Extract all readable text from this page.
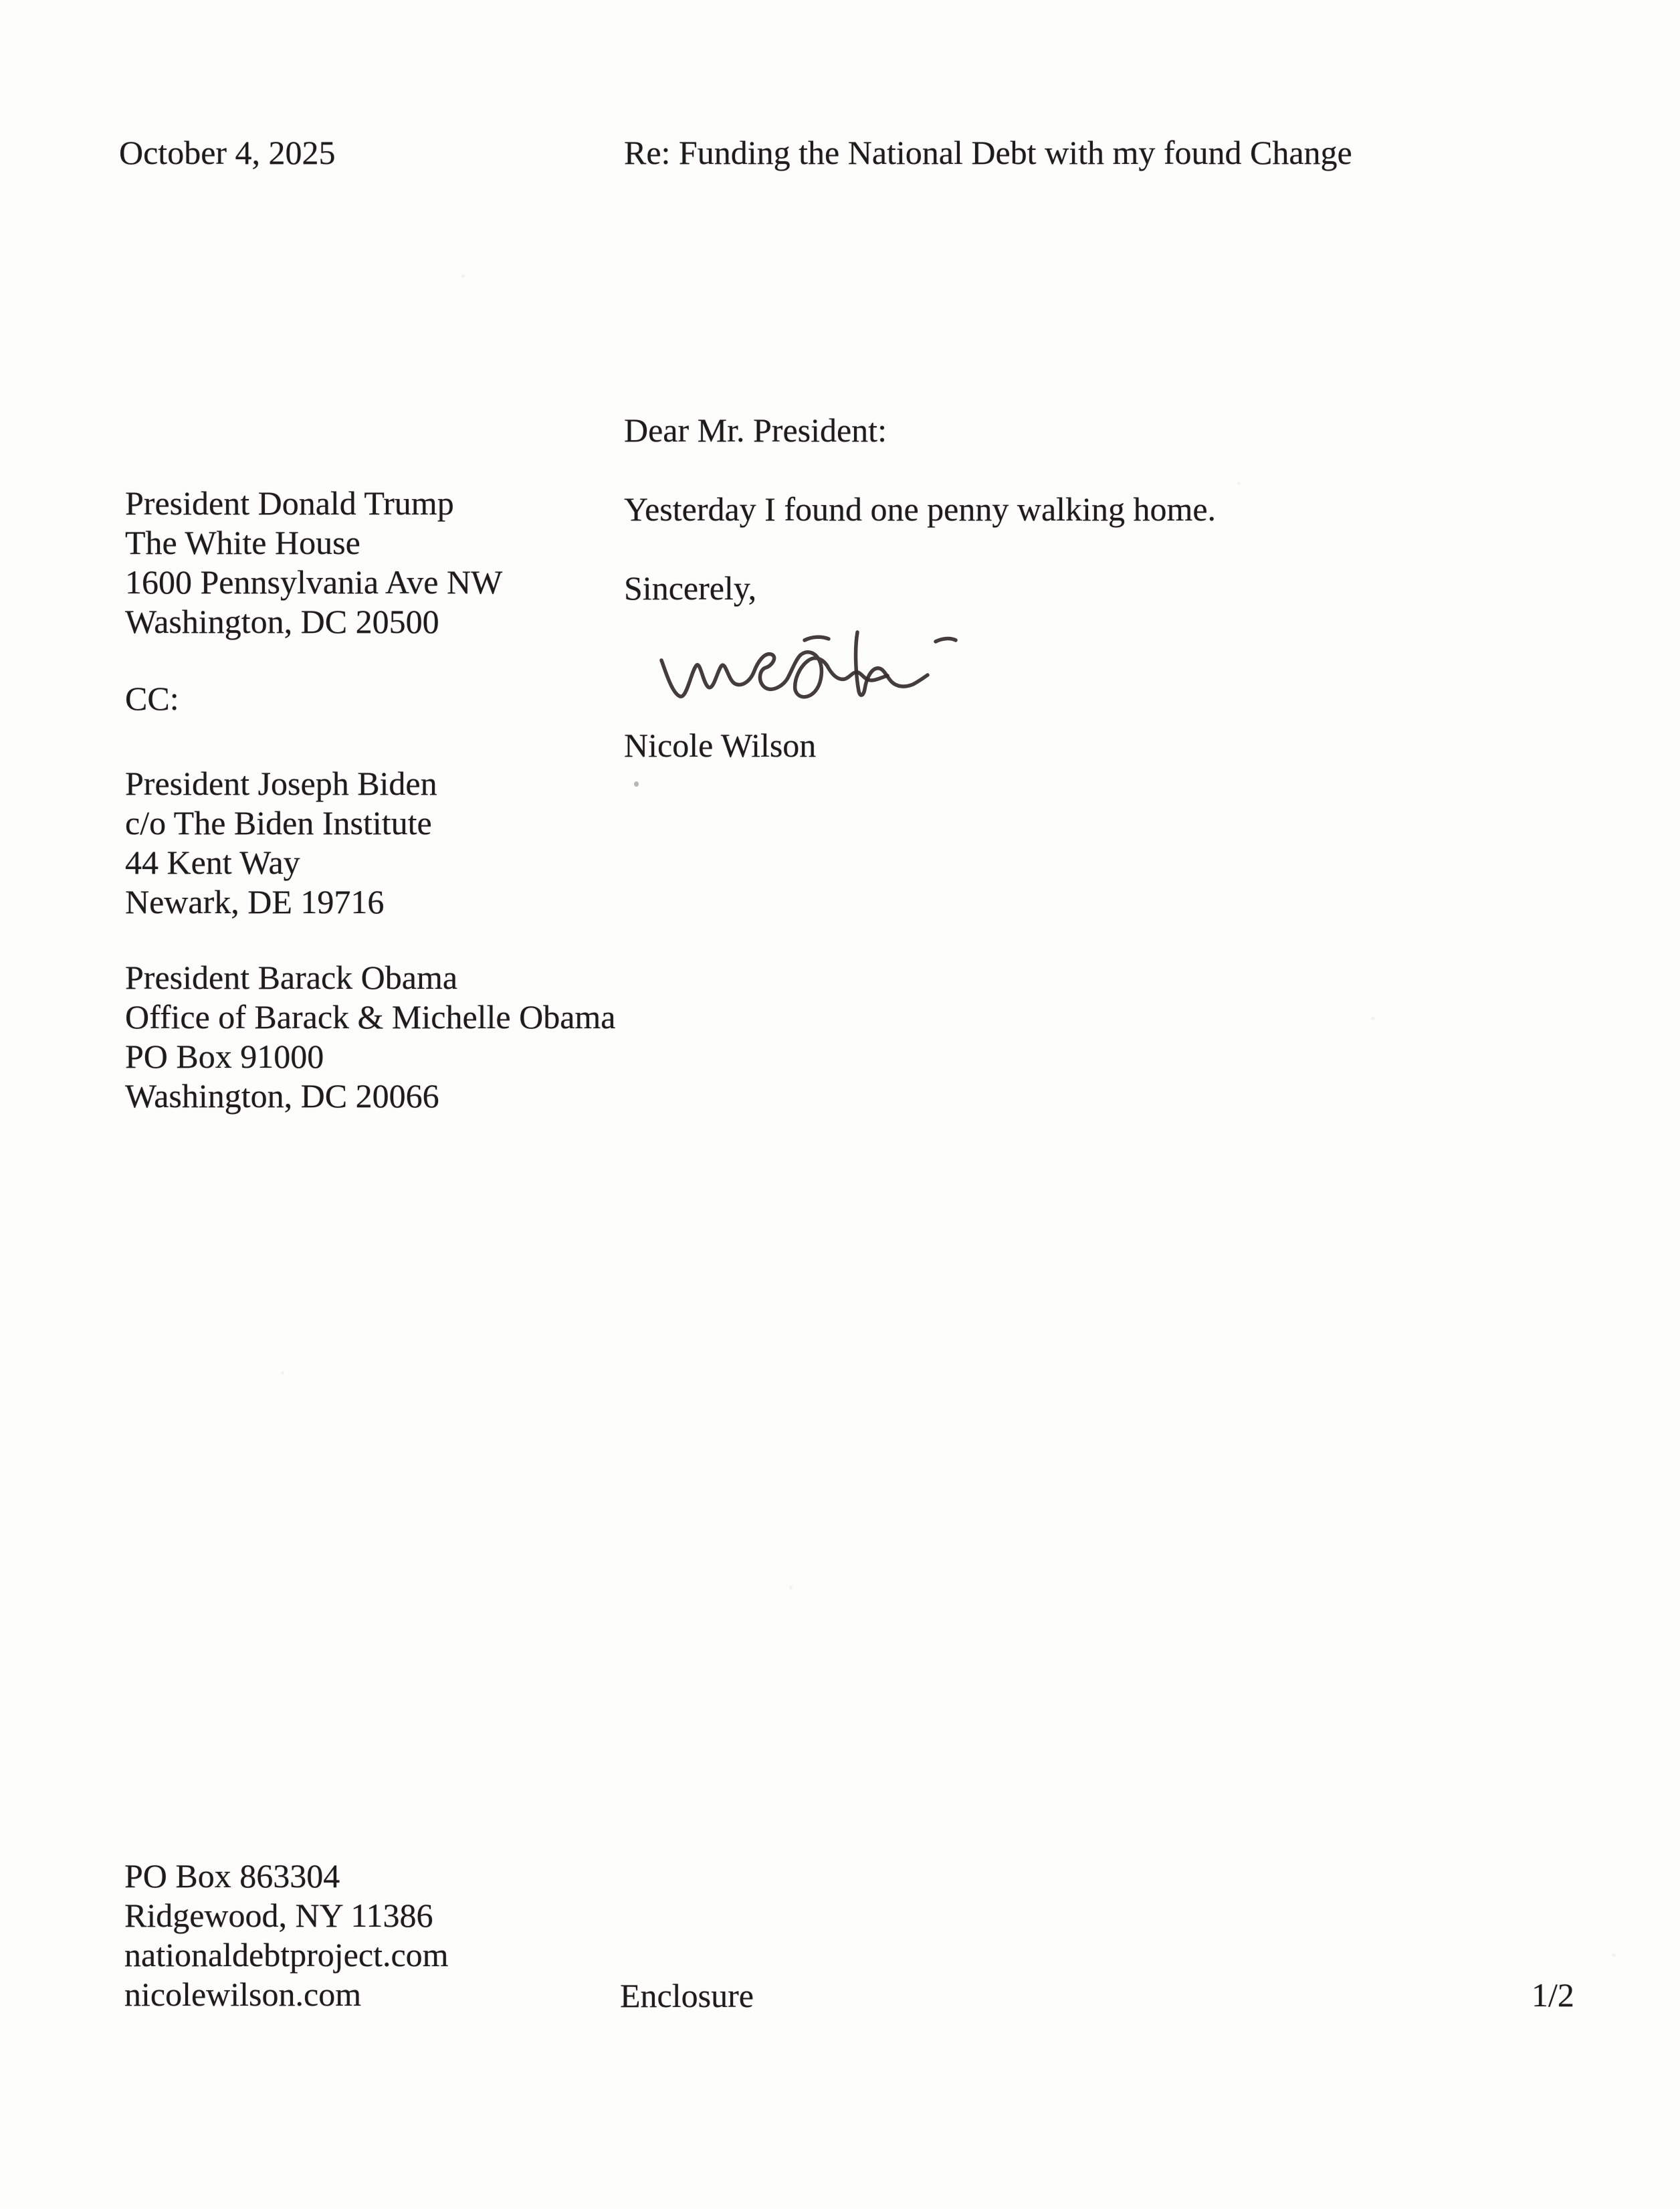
October 4, 2025	Re: Funding the National Debt with my found Change
Dear Mr. President:
President Donald Trump
The White House
1600 Pennsylvania Ave NW
Washington, DC 20500
Yesterday I found one penny walking home.
Sincerely,
Nicole Wilson
CC:
President Joseph Biden
c/o The Biden Institute
44 Kent Way
Newark, DE 19716
President Barack Obama
Office of Barack & Michelle Obama
PO Box 91000
Washington, DC 20066
PO Box 863304
Ridgewood, NY 11386
nationaldebtproject.com
nicolewilson.com	Enclosure	1/2
